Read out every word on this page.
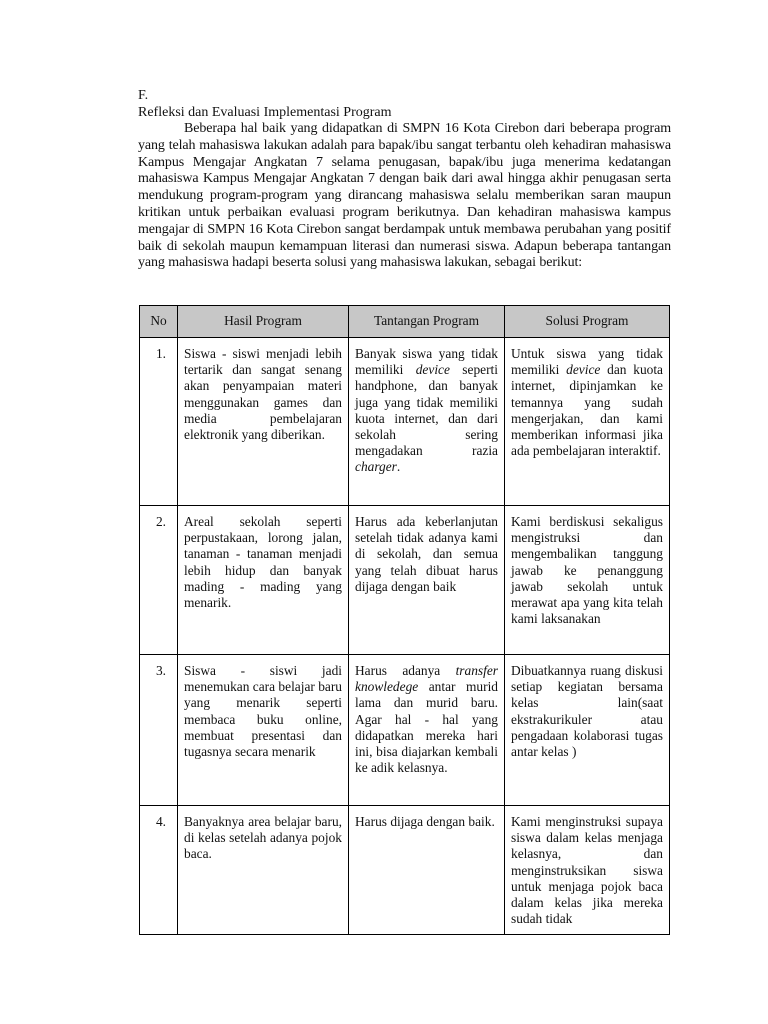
F.
Refleksi dan Evaluasi Implementasi Program

Beberapa hal baik yang didapatkan di SMPN 16 Kota Cirebon dari beberapa program yang telah mahasiswa lakukan adalah para bapak/ibu sangat terbantu oleh kehadiran mahasiswa Kampus Mengajar Angkatan 7 selama penugasan, bapak/ibu juga menerima kedatangan mahasiswa Kampus Mengajar Angkatan 7 dengan baik dari awal hingga akhir penugasan serta mendukung program-program yang dirancang mahasiswa selalu memberikan saran maupun kritikan untuk perbaikan evaluasi program berikutnya. Dan kehadiran mahasiswa kampus mengajar di SMPN 16 Kota Cirebon sangat berdampak untuk membawa perubahan yang positif baik di sekolah maupun kemampuan literasi dan numerasi siswa. Adapun beberapa tantangan yang mahasiswa hadapi beserta solusi yang mahasiswa lakukan, sebagai berikut:

No	Hasil Program	Tantangan Program	Solusi Program
1.	Siswa - siswi menjadi lebih tertarik dan sangat senang akan penyampaian materi menggunakan games dan media pembelajaran elektronik yang diberikan.	Banyak siswa yang tidak memiliki device seperti handphone, dan banyak juga yang tidak memiliki kuota internet, dan dari sekolah sering mengadakan razia charger.	Untuk siswa yang tidak memiliki device dan kuota internet, dipinjamkan ke temannya yang sudah mengerjakan, dan kami memberikan informasi jika ada pembelajaran interaktif.
2.	Areal sekolah seperti perpustakaan, lorong jalan, tanaman - tanaman menjadi lebih hidup dan banyak mading - mading yang menarik.	Harus ada keberlanjutan setelah tidak adanya kami di sekolah, dan semua yang telah dibuat harus dijaga dengan baik	Kami berdiskusi sekaligus mengistruksi dan mengembalikan tanggung jawab ke penanggung jawab sekolah untuk merawat apa yang kita telah kami laksanakan
3.	Siswa - siswi jadi menemukan cara belajar baru yang menarik seperti membaca buku online, membuat presentasi dan tugasnya secara menarik	Harus adanya transfer knowledege antar murid lama dan murid baru. Agar hal - hal yang didapatkan mereka hari ini, bisa diajarkan kembali ke adik kelasnya.	Dibuatkannya ruang diskusi setiap kegiatan bersama kelas lain(saat ekstrakurikuler atau pengadaan kolaborasi tugas antar kelas )
4.	Banyaknya area belajar baru, di kelas setelah adanya pojok baca.	Harus dijaga dengan baik.	Kami menginstruksi supaya siswa dalam kelas menjaga kelasnya, dan menginstruksikan siswa untuk menjaga pojok baca dalam kelas jika mereka sudah tidak
